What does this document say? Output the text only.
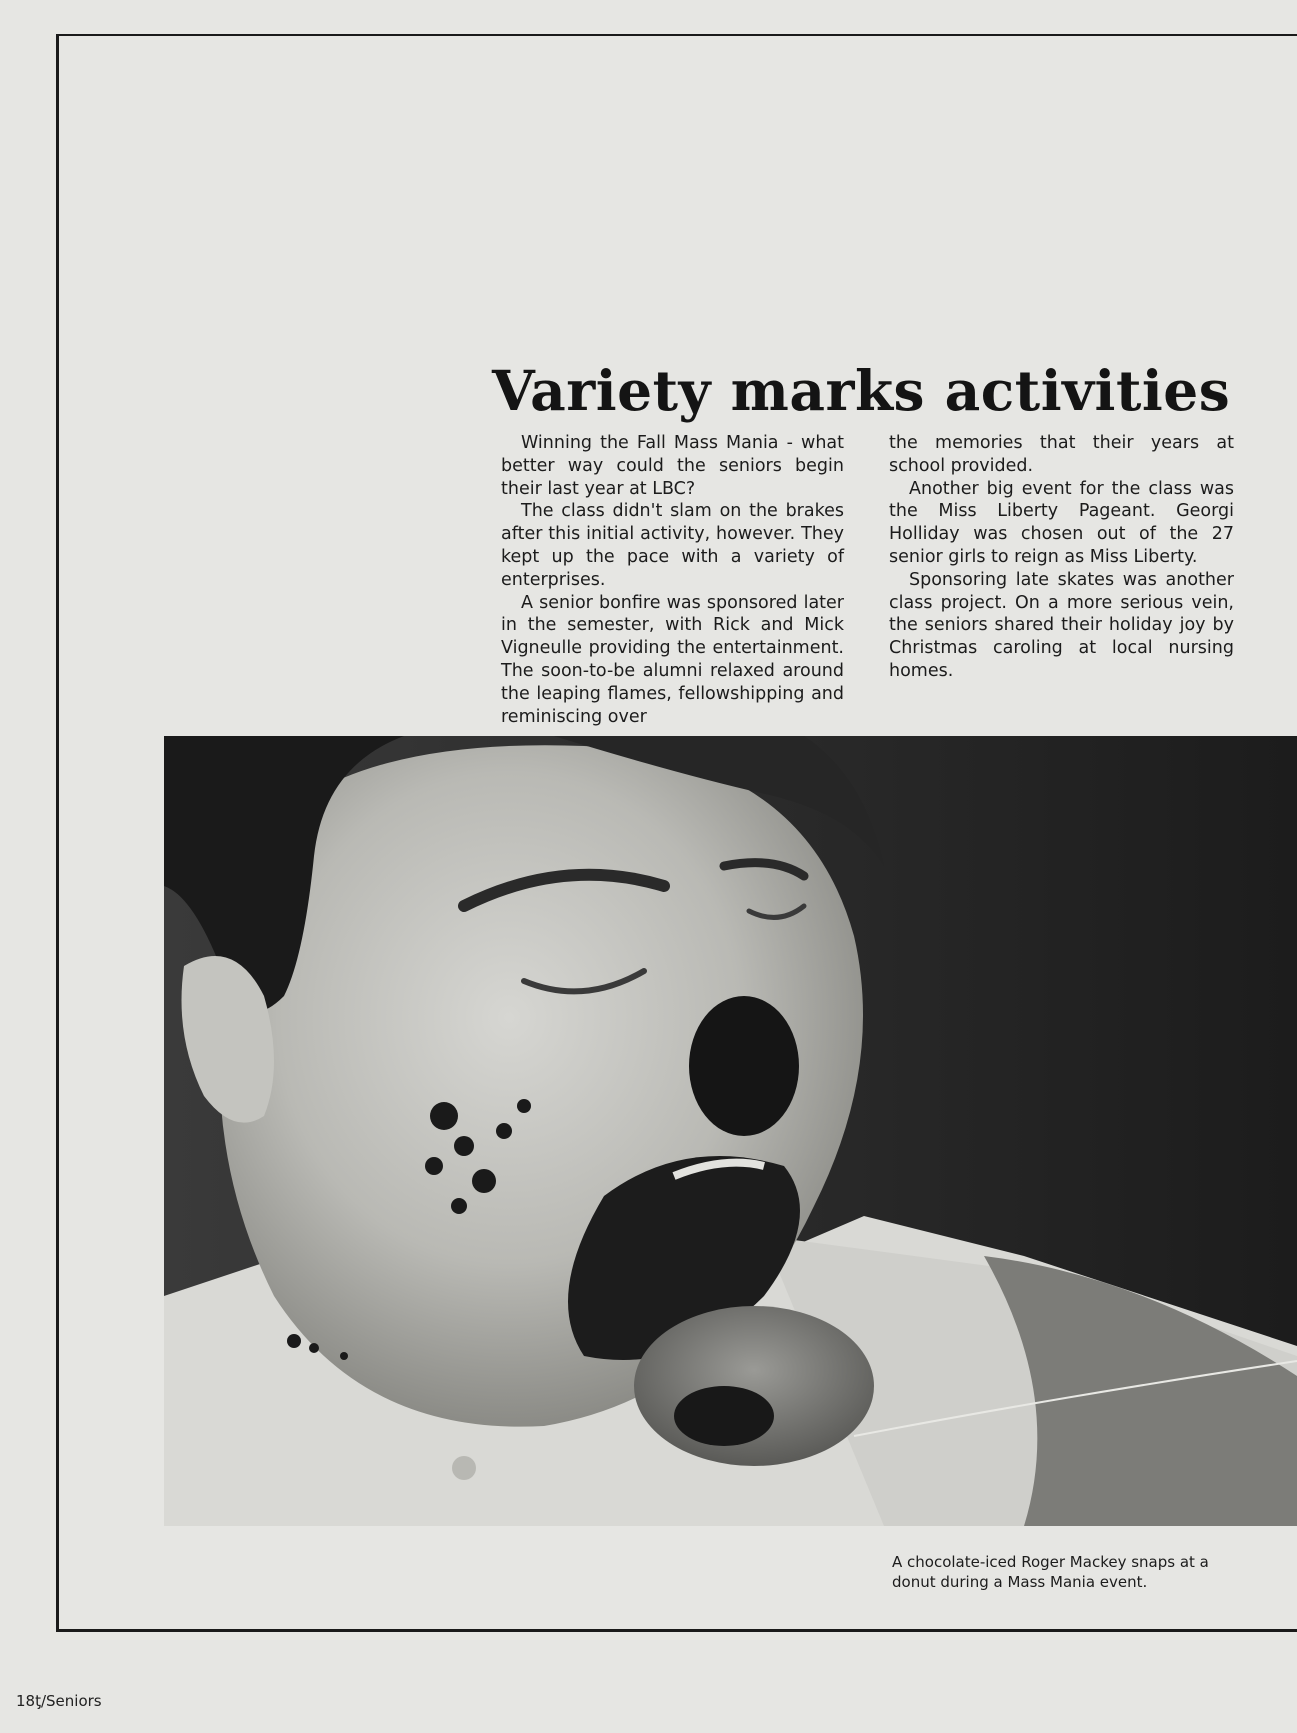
Variety marks activities

Winning the Fall Mass Mania - what better way could the seniors begin their last year at LBC?

The class didn't slam on the brakes after this initial activity, however. They kept up the pace with a variety of enterprises.

A senior bonfire was sponsored later in the semester, with Rick and Mick Vigneulle providing the entertainment. The soon-to-be alumni relaxed around the leaping flames, fellowshipping and reminiscing over

the memories that their years at school provided.

Another big event for the class was the Miss Liberty Pageant. Georgi Holliday was chosen out of the 27 senior girls to reign as Miss Liberty.

Sponsoring late skates was another class project. On a more serious vein, the seniors shared their holiday joy by Christmas caroling at local nursing homes.

A chocolate-iced Roger Mackey snaps at a donut during a Mass Mania event.
18ƫ/Seniors
